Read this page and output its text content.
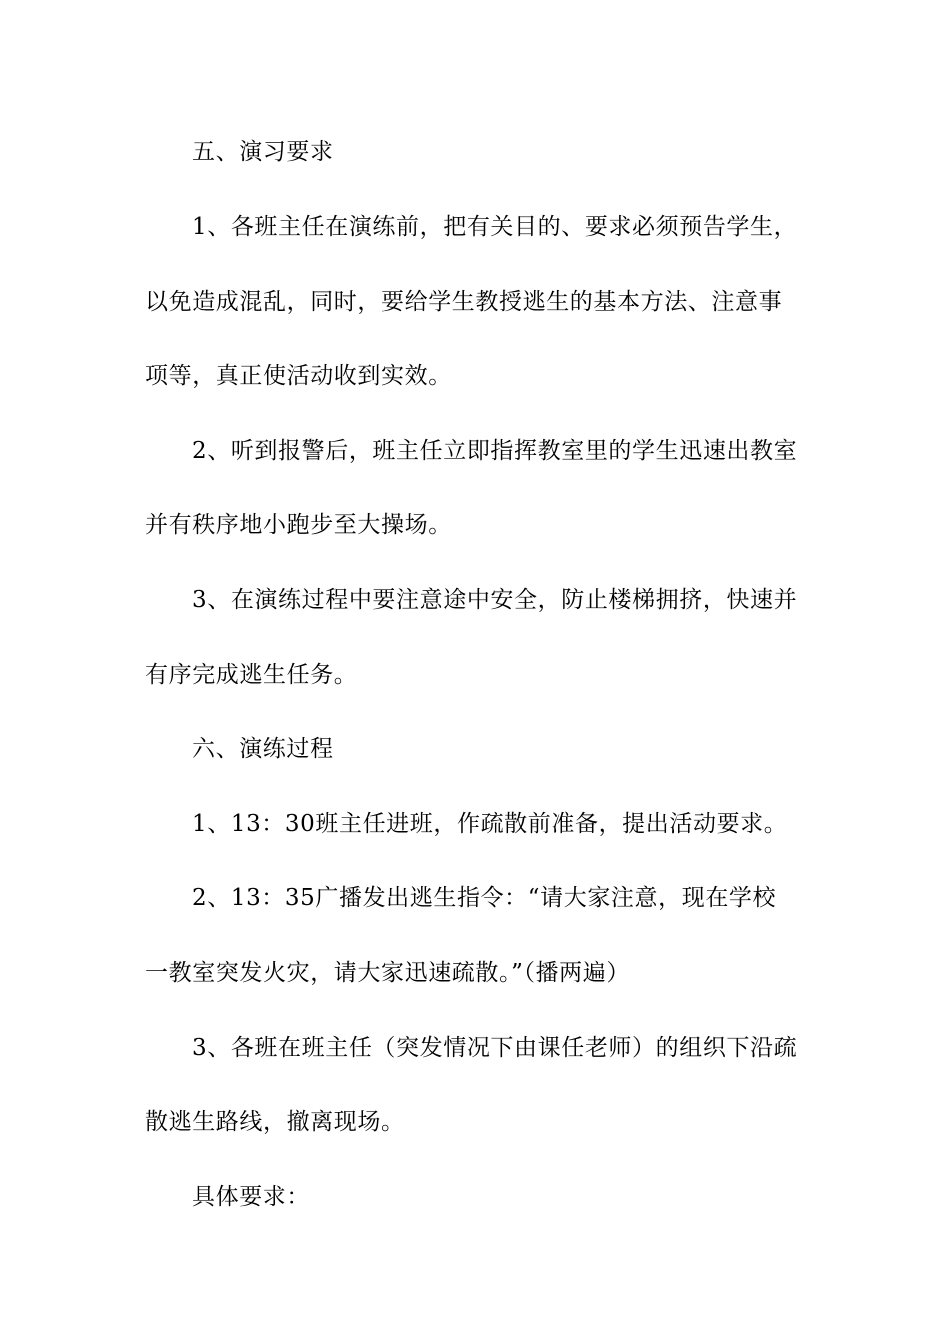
五、演习要求
1、各班主任在演练前，把有关目的、要求必须预告学生，
以免造成混乱，同时，要给学生教授逃生的基本方法、注意事
项等，真正使活动收到实效。
2、听到报警后，班主任立即指挥教室里的学生迅速出教室
并有秩序地小跑步至大操场。
3、在演练过程中要注意途中安全，防止楼梯拥挤，快速并
有序完成逃生任务。
六、演练过程
1、13：30班主任进班，作疏散前准备，提出活动要求。
2、13：35广播发出逃生指令：“请大家注意，现在学校
一教室突发火灾，请大家迅速疏散。”（播两遍）
3、各班在班主任（突发情况下由课任老师）的组织下沿疏
散逃生路线，撤离现场。
具体要求：
